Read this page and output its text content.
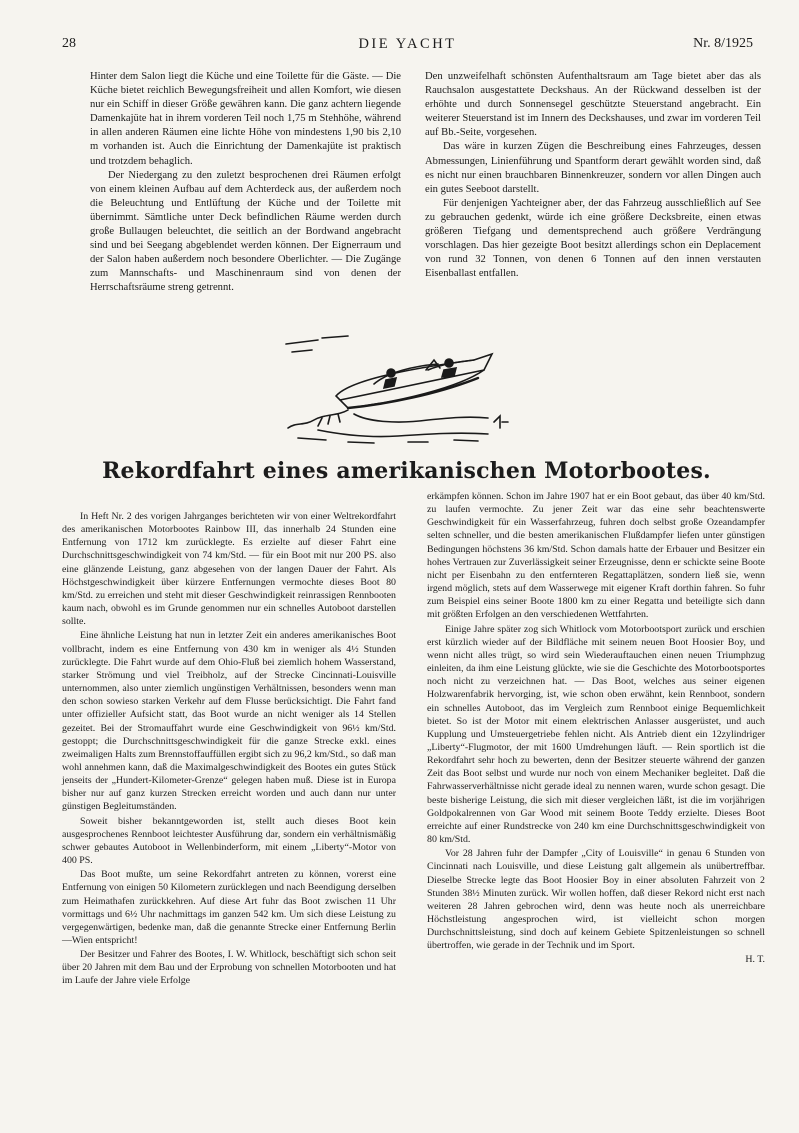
28	DIE YACHT	Nr. 8/1925

Hinter dem Salon liegt die Küche und eine Toilette für die Gäste. — Die Küche bietet reichlich Bewegungsfreiheit und allen Komfort, wie diesen nur ein Schiff in dieser Größe gewähren kann. Die ganz achtern liegende Damenkajüte hat in ihrem vorderen Teil noch 1,75 m Stehhöhe, während in allen anderen Räumen eine lichte Höhe von mindestens 1,90 bis 2,10 m vorhanden ist. Auch die Einrichtung der Damenkajüte ist praktisch und trotzdem behaglich.

Der Niedergang zu den zuletzt besprochenen drei Räumen erfolgt von einem kleinen Aufbau auf dem Achterdeck aus, der außerdem noch die Beleuchtung und Entlüftung der Küche und der Toilette mit übernimmt. Sämtliche unter Deck befindlichen Räume werden durch große Bullaugen beleuchtet, die seitlich an der Bordwand angebracht sind und bei Seegang abgeblendet werden können. Der Eignerraum und der Salon haben außerdem noch besondere Oberlichter. — Die Zugänge zum Mannschafts- und Maschinenraum sind von denen der Herrschaftsräume streng getrennt.

Den unzweifelhaft schönsten Aufenthaltsraum am Tage bietet aber das als Rauchsalon ausgestattete Deckshaus. An der Rückwand desselben ist der erhöhte und durch Sonnensegel geschützte Steuerstand angebracht. Ein weiterer Steuerstand ist im Innern des Deckshauses, und zwar im vorderen Teil auf Bb.-Seite, vorgesehen.

Das wäre in kurzen Zügen die Beschreibung eines Fahrzeuges, dessen Abmessungen, Linienführung und Spantform derart gewählt worden sind, daß es nicht nur einen brauchbaren Binnenkreuzer, sondern vor allen Dingen auch ein gutes Seeboot darstellt.

Für denjenigen Yachteigner aber, der das Fahrzeug ausschließlich auf See zu gebrauchen gedenkt, würde ich eine größere Decksbreite, einen etwas größeren Tiefgang und dementsprechend auch größere Verdrängung vorschlagen. Das hier gezeigte Boot besitzt allerdings schon ein Deplacement von rund 32 Tonnen, von denen 6 Tonnen auf den innen verstauten Eisenballast entfallen.

Rekordfahrt eines amerikanischen Motorbootes.

In Heft Nr. 2 des vorigen Jahrganges berichteten wir von einer Weltrekordfahrt des amerikanischen Motorbootes Rainbow III, das innerhalb 24 Stunden eine Entfernung von 1712 km zurücklegte. Es erzielte auf dieser Fahrt eine Durchschnittsgeschwindigkeit von 74 km/Std. — für ein Boot mit nur 200 PS. also eine glänzende Leistung, ganz abgesehen von der langen Dauer der Fahrt. Als Höchstgeschwindigkeit über kürzere Entfernungen vermochte dieses Boot 80 km/Std. zu erreichen und steht mit dieser Geschwindigkeit reinrassigen Rennbooten kaum nach, obwohl es im Grunde genommen nur ein schnelles Autoboot darstellen sollte.

Eine ähnliche Leistung hat nun in letzter Zeit ein anderes amerikanisches Boot vollbracht, indem es eine Entfernung von 430 km in weniger als 4½ Stunden zurücklegte. Die Fahrt wurde auf dem Ohio-Fluß bei ziemlich hohem Wasserstand, starker Strömung und viel Treibholz, auf der Strecke Cincinnati-Louisville unternommen, also unter ziemlich ungünstigen Verhältnissen, besonders wenn man den schon sowieso starken Verkehr auf dem Flusse berücksichtigt. Die Fahrt fand unter offizieller Aufsicht statt, das Boot wurde an nicht weniger als 14 Stellen gezeitet. Bei der Stromauffahrt wurde eine Geschwindigkeit von 96½ km/Std. gestoppt; die Durchschnittsgeschwindigkeit für die ganze Strecke exkl. eines zweimaligen Halts zum Brennstoffauffüllen ergibt sich zu 96,2 km/Std., so daß man wohl annehmen kann, daß die Maximalgeschwindigkeit des Bootes ein gutes Stück jenseits der „Hundert-Kilometer-Grenze“ gelegen haben muß. Diese ist in Europa bisher nur auf ganz kurzen Strecken erreicht worden und auch dann nur unter günstigen Begleitumständen.

Soweit bisher bekanntgeworden ist, stellt auch dieses Boot kein ausgesprochenes Rennboot leichtester Ausführung dar, sondern ein verhältnismäßig schwer gebautes Autoboot in Wellenbinderform, mit einem „Liberty“-Motor von 400 PS.

Das Boot mußte, um seine Rekordfahrt antreten zu können, vorerst eine Entfernung von einigen 50 Kilometern zurücklegen und nach Beendigung derselben zum Heimathafen zurückkehren. Auf diese Art fuhr das Boot zwischen 11 Uhr vormittags und 6½ Uhr nachmittags im ganzen 542 km. Um sich diese Leistung zu vergegenwärtigen, bedenke man, daß die genannte Strecke einer Entfernung Berlin—Wien entspricht!

Der Besitzer und Fahrer des Bootes, I. W. Whitlock, beschäftigt sich schon seit über 20 Jahren mit dem Bau und der Erprobung von schnellen Motorbooten und hat im Laufe der Jahre viele Erfolge

erkämpfen können. Schon im Jahre 1907 hat er ein Boot gebaut, das über 40 km/Std. zu laufen vermochte. Zu jener Zeit war das eine sehr beachtenswerte Geschwindigkeit für ein Wasserfahrzeug, fuhren doch selbst große Ozeandampfer selten schneller, und die besten amerikanischen Flußdampfer liefen unter günstigen Bedingungen höchstens 36 km/Std. Schon damals hatte der Erbauer und Besitzer ein hohes Vertrauen zur Zuverlässigkeit seiner Erzeugnisse, denn er schickte seine Boote nicht per Eisenbahn zu den entfernteren Regattaplätzen, sondern ließ sie, wenn irgend möglich, stets auf dem Wasserwege mit eigener Kraft dorthin fahren. So fuhr zum Beispiel eins seiner Boote 1800 km zu einer Regatta und beteiligte sich dann mit größten Erfolgen an den verschiedenen Wettfahrten.

Einige Jahre später zog sich Whitlock vom Motorbootsport zurück und erschien erst kürzlich wieder auf der Bildfläche mit seinem neuen Boot Hoosier Boy, und wenn nicht alles trügt, so wird sein Wiederauftauchen einen neuen Triumphzug einleiten, da ihm eine Leistung glückte, wie sie die Geschichte des Motorbootsportes noch nicht zu verzeichnen hat. — Das Boot, welches aus seiner eigenen Holzwarenfabrik hervorging, ist, wie schon oben erwähnt, kein Rennboot, sondern ein schnelles Autoboot, das im Vergleich zum Rennboot einige Bequemlichkeit bietet. So ist der Motor mit einem elektrischen Anlasser ausgerüstet, und auch Kupplung und Umsteuergetriebe fehlen nicht. Als Antrieb dient ein 12zylindriger „Liberty“-Flugmotor, der mit 1600 Umdrehungen läuft. — Rein sportlich ist die Rekordfahrt sehr hoch zu bewerten, denn der Besitzer steuerte während der ganzen Zeit das Boot selbst und wurde nur noch von einem Mechaniker begleitet. Daß die Fahrwasserverhältnisse nicht gerade ideal zu nennen waren, wurde schon gesagt. Die beste bisherige Leistung, die sich mit dieser vergleichen läßt, ist die im vorjährigen Goldpokalrennen von Gar Wood mit seinem Boote Teddy erzielte. Dieses Boot erreichte auf einer Rundstrecke von 240 km eine Durchschnittsgeschwindigkeit von 80 km/Std.

Vor 28 Jahren fuhr der Dampfer „City of Louisville“ in genau 6 Stunden von Cincinnati nach Louisville, und diese Leistung galt allgemein als unübertreffbar. Dieselbe Strecke legte das Boot Hoosier Boy in einer absoluten Fahrzeit von 2 Stunden 38½ Minuten zurück. Wir wollen hoffen, daß dieser Rekord nicht erst nach weiteren 28 Jahren gebrochen wird, denn was heute noch als unerreichbare Höchstleistung angesprochen wird, ist vielleicht schon morgen Durchschnittsleistung, sind doch auf keinem Gebiete Spitzenleistungen so schnell übertroffen, wie gerade in der Technik und im Sport.

H. T.
